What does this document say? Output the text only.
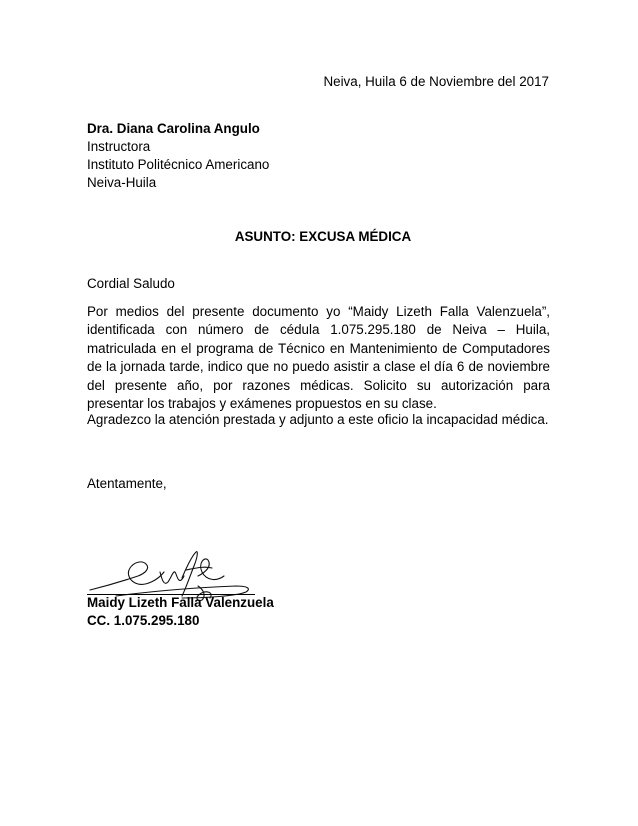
Neiva, Huila 6 de Noviembre del 2017
Dra. Diana Carolina Angulo
Instructora
Instituto Politécnico Americano
Neiva-Huila
ASUNTO: EXCUSA MÉDICA
Cordial Saludo
Por medios del presente documento yo “Maidy Lizeth Falla Valenzuela”, identificada con número de cédula 1.075.295.180 de Neiva – Huila, matriculada en el programa de Técnico en Mantenimiento de Computadores de la jornada tarde, indico que no puedo asistir a clase el día 6 de noviembre del presente año, por razones médicas. Solicito su autorización para presentar los trabajos y exámenes propuestos en su clase.
Agradezco la atención prestada y adjunto a este oficio la incapacidad médica.
Atentamente,
Maidy Lizeth Falla Valenzuela
CC. 1.075.295.180
